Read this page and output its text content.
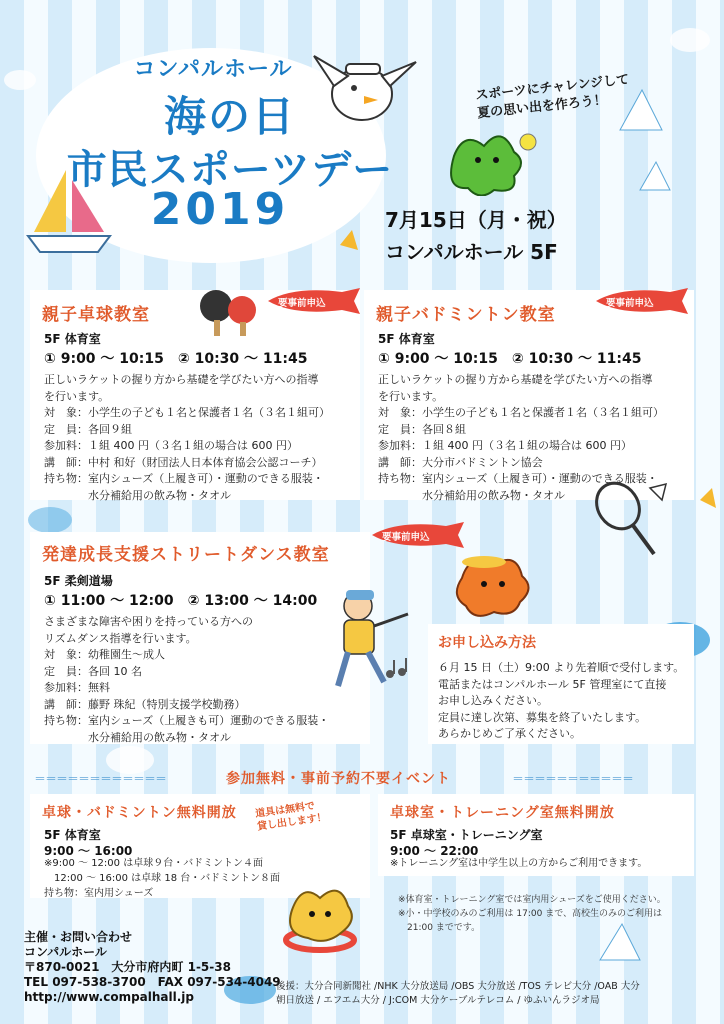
コンパルホール
海の日
市民スポーツデー
2019
スポーツにチャレンジして
夏の思い出を作ろう！
7月15日（月・祝）
コンパルホール 5F
親子卓球教室
要事前申込
5F 体育室
① 9:00 〜 10:15　② 10:30 〜 11:45
正しいラケットの握り方から基礎を学びたい方への指導
を行います。
対　象：小学生の子ども１名と保護者１名（３名１組可）
定　員：各回９組
参加料：１組 400 円（３名１組の場合は 600 円）
講　師：中村 和好（財団法人日本体育協会公認コーチ）
持ち物：室内シューズ（上履き可）・運動のできる服装・
　　　　水分補給用の飲み物・タオル
親子バドミントン教室
要事前申込
5F 体育室
① 9:00 〜 10:15　② 10:30 〜 11:45
正しいラケットの握り方から基礎を学びたい方への指導
を行います。
対　象：小学生の子ども１名と保護者１名（３名１組可）
定　員：各回８組
参加料：１組 400 円（３名１組の場合は 600 円）
講　師：大分市バドミントン協会
持ち物：室内シューズ（上履き可）・運動のできる服装・
　　　　水分補給用の飲み物・タオル
発達成長支援ストリートダンス教室
要事前申込
5F 柔剣道場
① 11:00 〜 12:00　② 13:00 〜 14:00
さまざまな障害や困りを持っている方への
リズムダンス指導を行います。
対　象：幼稚園生〜成人
定　員：各回 10 名
参加料：無料
講　師：藤野 珠紀（特別支援学校勤務）
持ち物：室内シューズ（上履きも可）運動のできる服装・
　　　　水分補給用の飲み物・タオル
お申し込み方法
６月 15 日（土）9:00 より先着順で受付します。
電話またはコンパルホール 5F 管理室にて直接
お申し込みください。
定員に達し次第、募集を終了いたします。
あらかじめご了承ください。
＝＝＝＝＝＝＝＝＝＝＝＝	参加無料・事前予約不要イベント	＝＝＝＝＝＝＝＝＝＝＝
卓球・バドミントン無料開放 道具は無料で
貸し出します！
5F 体育室
9:00 〜 16:00
※9:00 〜 12:00 は卓球９台・バドミントン４面
　12:00 〜 16:00 は卓球 18 台・バドミントン８面
持ち物：室内用シューズ
卓球室・トレーニング室無料開放
5F 卓球室・トレーニング室
9:00 〜 22:00
※トレーニング室は中学生以上の方からご利用できます。
※体育室・トレーニング室では室内用シューズをご使用ください。
※小・中学校のみのご利用は 17:00 まで、高校生のみのご利用は
　21:00 までです。
主催・お問い合わせ
コンパルホール
〒870-0021　大分市府内町 1-5-38
TEL 097-538-3700　FAX 097-534-4049
http://www.compalhall.jp
後援：大分合同新聞社 /NHK 大分放送局 /OBS 大分放送 /TOS テレビ大分 /OAB 大分
朝日放送 / エフエム大分 / J:COM 大分ケーブルテレコム / ゆふいんラジオ局
